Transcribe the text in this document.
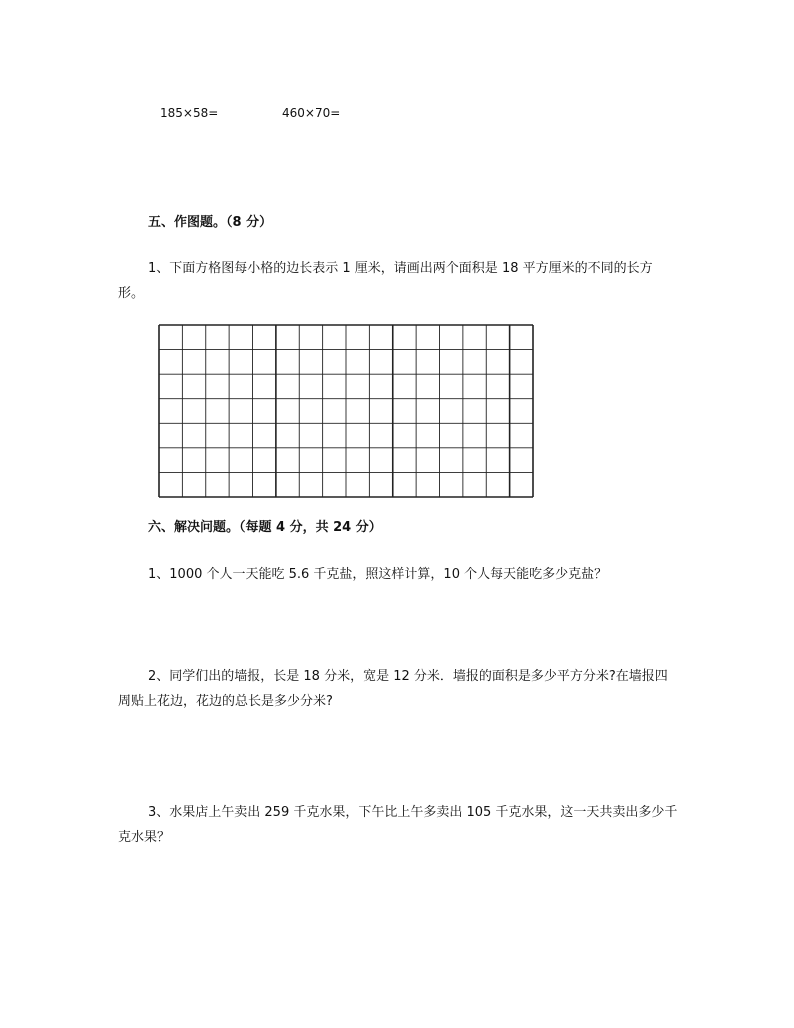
185×58=	460×70=
五、作图题。（8 分）
1、下面方格图每小格的边长表示 1 厘米，请画出两个面积是 18 平方厘米的不同的长方形。
六、解决问题。（每题 4 分，共 24 分）
1、1000 个人一天能吃 5.6 千克盐，照这样计算，10 个人每天能吃多少克盐？
2、同学们出的墙报，长是 18 分米，宽是 12 分米．墙报的面积是多少平方分米?在墙报四周贴上花边，花边的总长是多少分米?
3、水果店上午卖出 259 千克水果，下午比上午多卖出 105 千克水果，这一天共卖出多少千克水果？
